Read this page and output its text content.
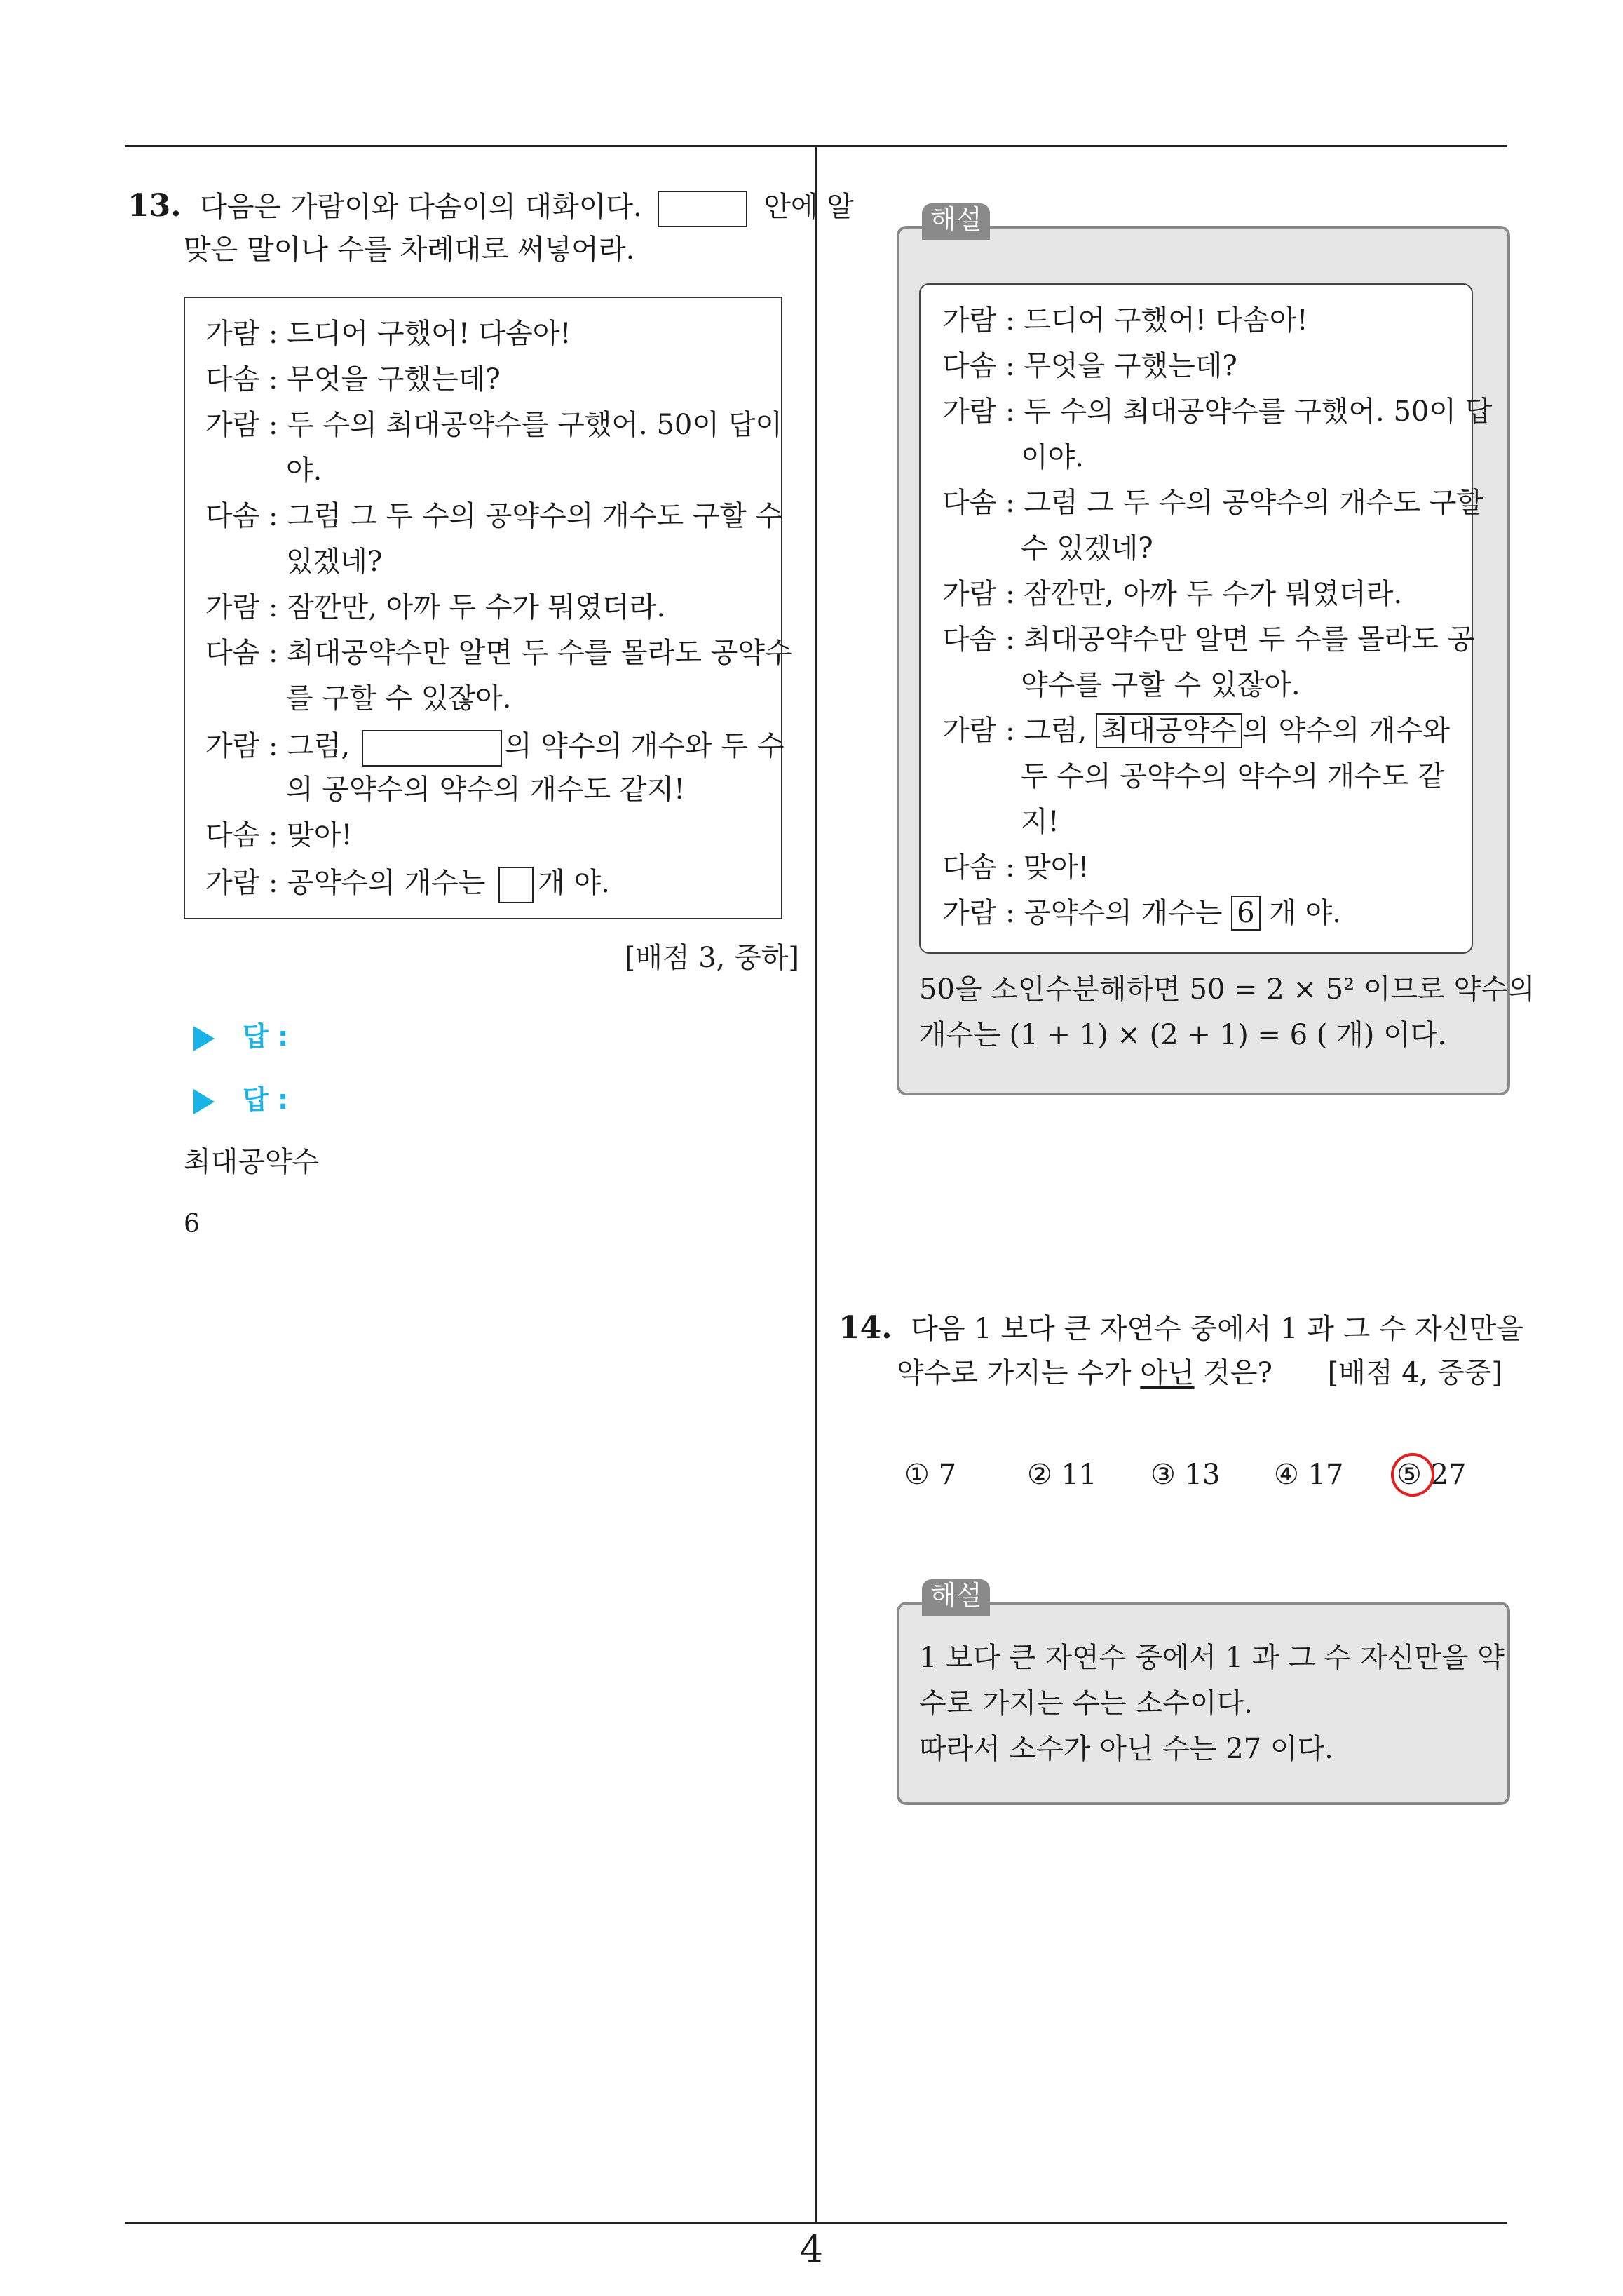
4
13. 다음은 가람이와 다솜이의 대화이다.	안에 알
맞은 말이나 수를 차례대로 써넣어라.
가람 : 드디어 구했어! 다솜아!
다솜 : 무엇을 구했는데?
가람 : 두 수의 최대공약수를 구했어. 50이 답이
야.
다솜 : 그럼 그 두 수의 공약수의 개수도 구할 수
있겠네?
가람 : 잠깐만, 아까 두 수가 뭐였더라.
다솜 : 최대공약수만 알면 두 수를 몰라도 공약수
를 구할 수 있잖아.
가람 : 그럼,	의 약수의 개수와 두 수
의 공약수의 약수의 개수도 같지!
다솜 : 맞아!
가람 : 공약수의 개수는 개 야.
[배점 3, 중하]
답 :
답 :
최대공약수
6
해설
가람 : 드디어 구했어! 다솜아!
다솜 : 무엇을 구했는데?
가람 : 두 수의 최대공약수를 구했어. 50이 답
이야.
다솜 : 그럼 그 두 수의 공약수의 개수도 구할
수 있겠네?
가람 : 잠깐만, 아까 두 수가 뭐였더라.
다솜 : 최대공약수만 알면 두 수를 몰라도 공
약수를 구할 수 있잖아.
가람 : 그럼, 최대공약수 의 약수의 개수와
두 수의 공약수의 약수의 개수도 같
지!
다솜 : 맞아!
가람 : 공약수의 개수는 6 개 야.
50을 소인수분해하면 50 = 2 × 5² 이므로 약수의
개수는 (1 + 1) × (2 + 1) = 6 ( 개) 이다.
14. 다음 1 보다 큰 자연수 중에서 1 과 그 수 자신만을
약수로 가지는 수가 아닌 것은? [배점 4, 중중]
① 7	② 11 ③ 13 ④ 17 ⑤ 27
해설
1 보다 큰 자연수 중에서 1 과 그 수 자신만을 약
수로 가지는 수는 소수이다.
따라서 소수가 아닌 수는 27 이다.
